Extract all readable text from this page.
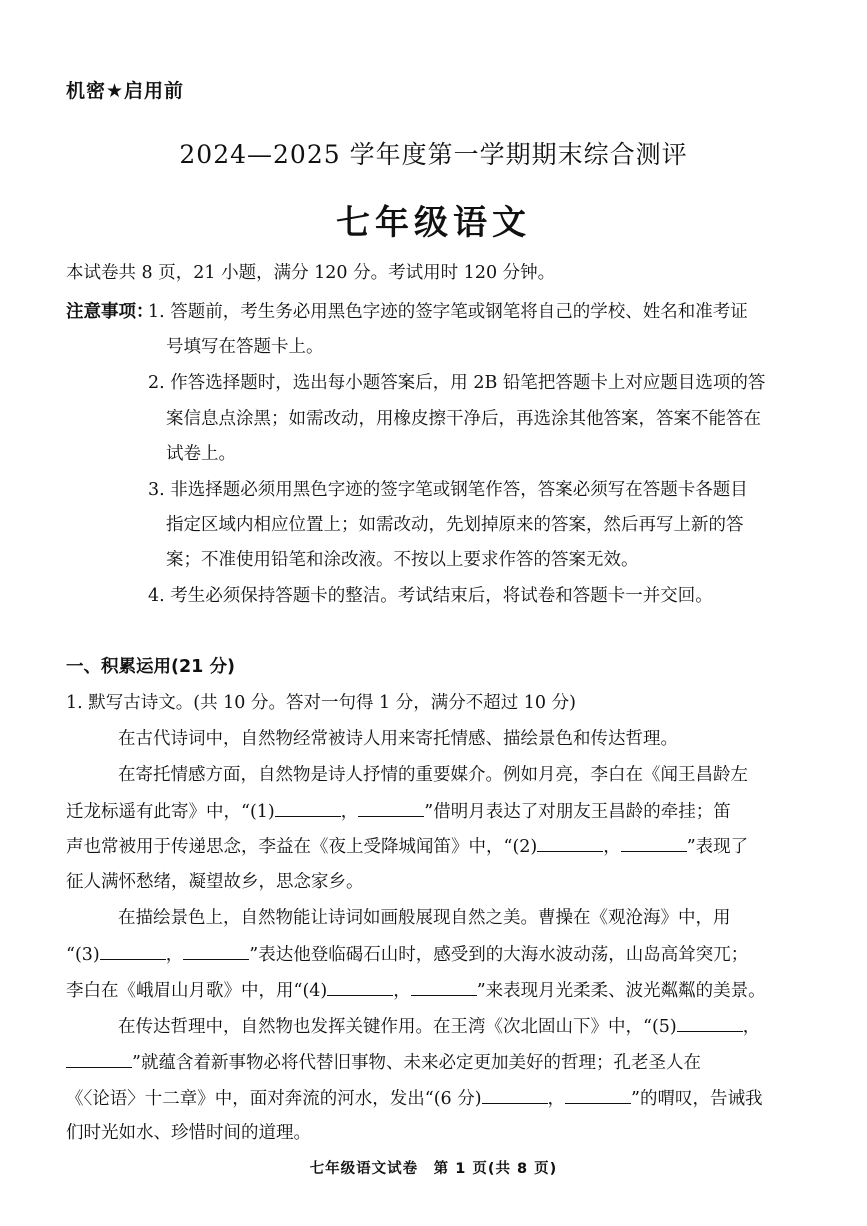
机密★启用前
2024—2025 学年度第一学期期末综合测评
七年级语文
本试卷共 8 页，21 小题，满分 120 分。考试用时 120 分钟。
注意事项：
1. 答题前，考生务必用黑色字迹的签字笔或钢笔将自己的学校、姓名和准考证
号填写在答题卡上。
2. 作答选择题时，选出每小题答案后，用 2B 铅笔把答题卡上对应题目选项的答
案信息点涂黑；如需改动，用橡皮擦干净后，再选涂其他答案，答案不能答在
试卷上。
3. 非选择题必须用黑色字迹的签字笔或钢笔作答，答案必须写在答题卡各题目
指定区域内相应位置上；如需改动，先划掉原来的答案，然后再写上新的答
案；不准使用铅笔和涂改液。不按以上要求作答的答案无效。
4. 考生必须保持答题卡的整洁。考试结束后，将试卷和答题卡一并交回。
一、积累运用(21 分)
1. 默写古诗文。(共 10 分。答对一句得 1 分，满分不超过 10 分)
在古代诗词中，自然物经常被诗人用来寄托情感、描绘景色和传达哲理。
在寄托情感方面，自然物是诗人抒情的重要媒介。例如月亮，李白在《闻王昌龄左
迁龙标遥有此寄》中，“(1)	，	”借明月表达了对朋友王昌龄的牵挂；笛
声也常被用于传递思念，李益在《夜上受降城闻笛》中，“(2)	，	”表现了
征人满怀愁绪，凝望故乡，思念家乡。
在描绘景色上，自然物能让诗词如画般展现自然之美。曹操在《观沧海》中，用
“(3)	，	”表达他登临碣石山时，感受到的大海水波动荡，山岛高耸突兀；
李白在《峨眉山月歌》中，用“(4)	，	”来表现月光柔柔、波光粼粼的美景。
在传达哲理中，自然物也发挥关键作用。在王湾《次北固山下》中，“(5)	，
”就蕴含着新事物必将代替旧事物、未来必定更加美好的哲理；孔老圣人在
《〈论语〉十二章》中，面对奔流的河水，发出“(6 分)	，	”的喟叹，告诫我
们时光如水、珍惜时间的道理。
七年级语文试卷　第 1 页(共 8 页)
